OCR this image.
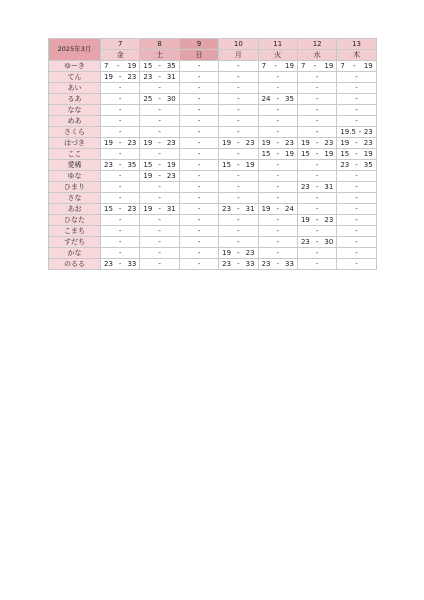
2025年3月	7	8	9	10	11	12	13
	金	土	日	月	火	水	木
ゆーき	7 - 19	15 - 35	-	-	7 - 19	7 - 19	7 - 19

てん	19 - 23	23 - 31	-	-	-	-	-
あい	-	-	-	-	-	-	-
るあ	-	25 - 30	-	-	24 - 35	-	-
なな	-	-	-	-	-	-	-
めあ	-	-	-	-	-	-	-
さくら	-	-	-	-	-	-	19.5 - 23

はづき	19 - 23	19 - 23	-	19 - 23	19 - 23	19 - 23	19 - 23

ここ	-	-	-	-	15 - 19	15 - 19	15 - 19

愛稀	23 - 35	15 - 19	-	15 - 19	-	-	23 - 35

ゆな	-	19 - 23	-	-	-	-	-
ひまり	-	-	-	-	-	23 - 31	-
さな	-	-	-	-	-	-	-
あお	15 - 23	19 - 31	-	23 - 31	19 - 24	-	-
ひなた	-	-	-	-	-	19 - 23	-
こまち	-	-	-	-	-	-	-
すだち	-	-	-	-	-	23 - 30	-
かな	-	-	-	19 - 23	-	-	-
のるる	23 - 33	-	-	23 - 33	23 - 33	-	-
